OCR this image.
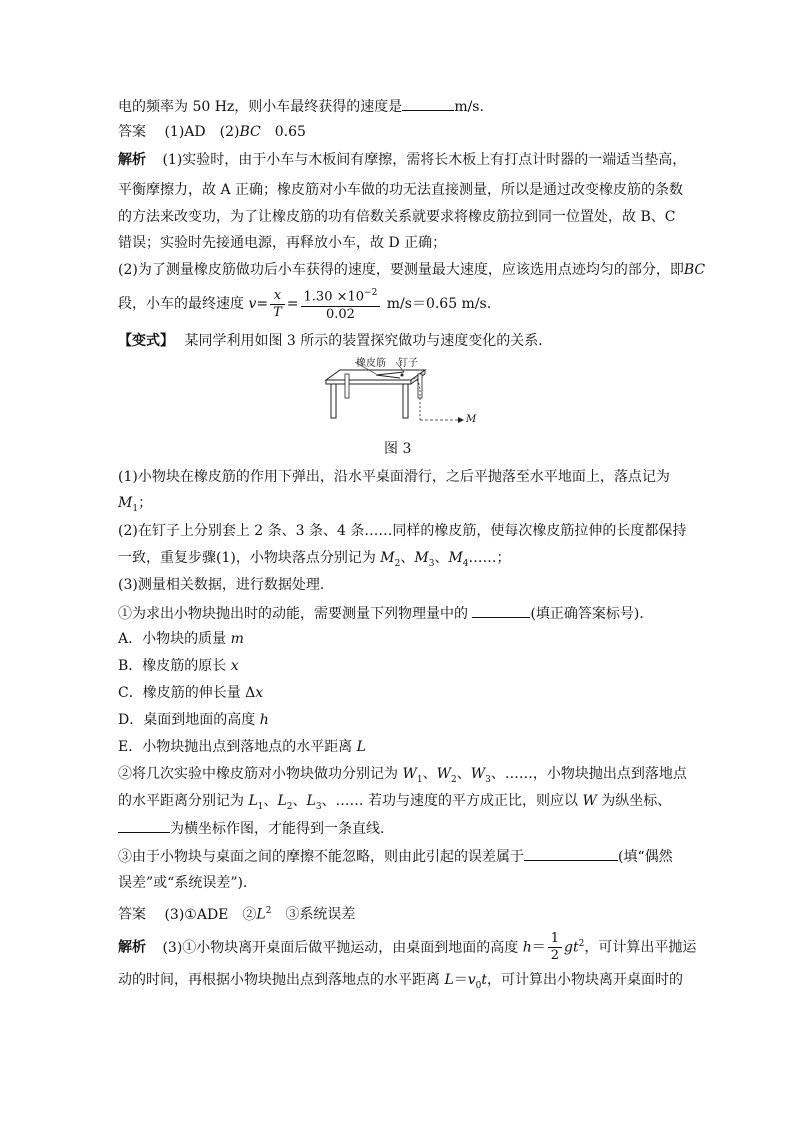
电的频率为 50 Hz，则小车最终获得的速度是	m/s.
答案 (1)AD　(2)BC　0.65
解析 (1)实验时，由于小车与木板间有摩擦，需将长木板上有打点计时器的一端适当垫高，
平衡摩擦力，故 A 正确；橡皮筋对小车做的功无法直接测量，所以是通过改变橡皮筋的条数
的方法来改变功，为了让橡皮筋的功有倍数关系就要求将橡皮筋拉到同一位置处，故 B、C
错误；实验时先接通电源，再释放小车，故 D 正确；
(2)为了测量橡皮筋做功后小车获得的速度，要测量最大速度，应该选用点迹均匀的部分，即BC
段，小车的最终速度 $v= \frac{x}{T} = \frac{1.30 \times 10^{-2}}{0.02} m/s=0.65$ m/s.
【变式】 某同学利用如图 3 所示的装置探究做功与速度变化的关系．
橡皮筋 钉子
M
图 3
(1)小物块在橡皮筋的作用下弹出，沿水平桌面滑行，之后平抛落至水平地面上，落点记为
$M_1$；
(2)在钉子上分别套上 2 条、3 条、4 条……同样的橡皮筋，使每次橡皮筋拉伸的长度都保持
一致，重复步骤(1)，小物块落点分别记为 $M_2$、$M_3$、$M_4\dots\dots$；
(3)测量相关数据，进行数据处理．
①为求出小物块抛出时的动能，需要测量下列物理量中的	(填正确答案标号)．
A．小物块的质量 m
B．橡皮筋的原长 x
C．橡皮筋的伸长量 Δx
D．桌面到地面的高度 h
E．小物块抛出点到落地点的水平距离 L
②将几次实验中橡皮筋对小物块做功分别记为 $W_1$、$W_2$、$W_3$、……，小物块抛出点到落地点
的水平距离分别记为 $L_1$、$L_2$、$L_3$、…… 若功与速度的平方成正比，则应以 W 为纵坐标、
为横坐标作图，才能得到一条直线．
③由于小物块与桌面之间的摩擦不能忽略，则由此引起的误差属于	(填“偶然
误差”或“系统误差”)．
答案 (3)①ADE　$②L^2$　③系统误差
解析 (3)①小物块离开桌面后做平抛运动，由桌面到地面的高度 $h= \frac{1}{2} gt^2$，可计算出平抛运
动的时间，再根据小物块抛出点到落地点的水平距离 $L=v_0t$，可计算出小物块离开桌面时的
